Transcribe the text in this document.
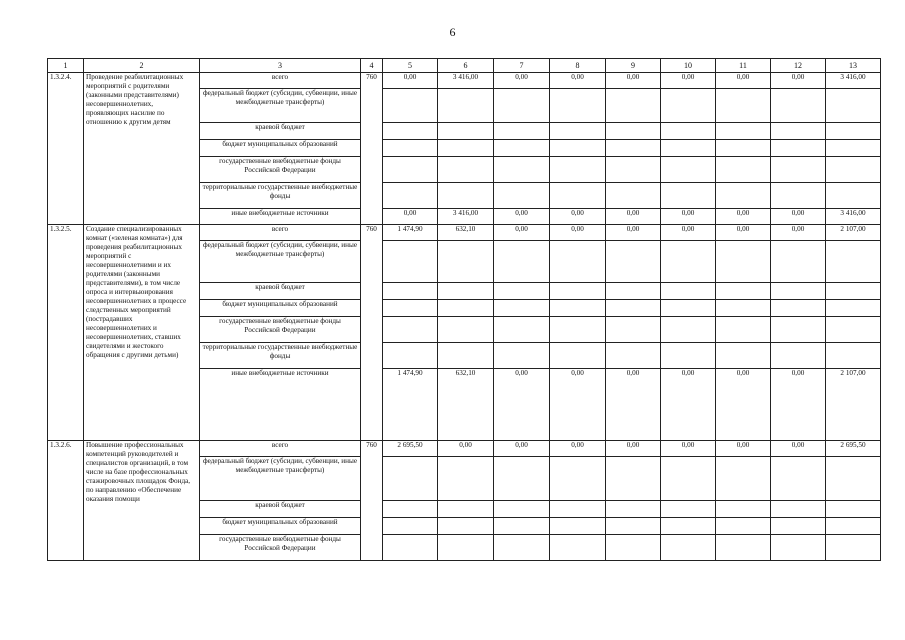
6
1	2	3	4	5	6	7	8	9	10	11	12	13
1.3.2.4.	Проведение реабилитационных мероприятий с родителями (законными представителями) несовершеннолетних, проявляющих насилие по отношению к другим детям	всего	760	0,00	3 416,00	0,00	0,00	0,00	0,00	0,00	0,00	3 416,00
		федеральный бюджет (субсидии, субвенции, иные межбюджетные трансферты)										
		краевой бюджет										
		бюджет муниципальных образований										
		государственные внебюджетные фонды Российской Федерации										
		территориальные государственные внебюджетные фонды										
		иные внебюджетные источники		0,00	3 416,00	0,00	0,00	0,00	0,00	0,00	0,00	3 416,00
1.3.2.5.	Создание специализированных комнат («зеленая комната») для проведения реабилитационных мероприятий с несовершеннолетними и их родителями (законными представителями), в том числе опроса и интервьюирования несовершеннолетних в процессе следственных мероприятий (пострадавших несовершеннолетних и несовершеннолетних, ставших свидетелями и жестокого обращения с другими детьми)	всего	760	1 474,90	632,10	0,00	0,00	0,00	0,00	0,00	0,00	2 107,00
		федеральный бюджет (субсидии, субвенции, иные межбюджетные трансферты)										
		краевой бюджет										
		бюджет муниципальных образований										
		государственные внебюджетные фонды Российской Федерации										
		территориальные государственные внебюджетные фонды										
		иные внебюджетные источники		1 474,90	632,10	0,00	0,00	0,00	0,00	0,00	0,00	2 107,00
1.3.2.6.	Повышение профессиональных компетенций руководителей и специалистов организаций, в том числе на базе профессиональных стажировочных площадок Фонда, по направлению «Обеспечение оказания помощи	всего	760	2 695,50	0,00	0,00	0,00	0,00	0,00	0,00	0,00	2 695,50
		федеральный бюджет (субсидии, субвенции, иные межбюджетные трансферты)										
		краевой бюджет										
		бюджет муниципальных образований										
		государственные внебюджетные фонды Российской Федерации										
